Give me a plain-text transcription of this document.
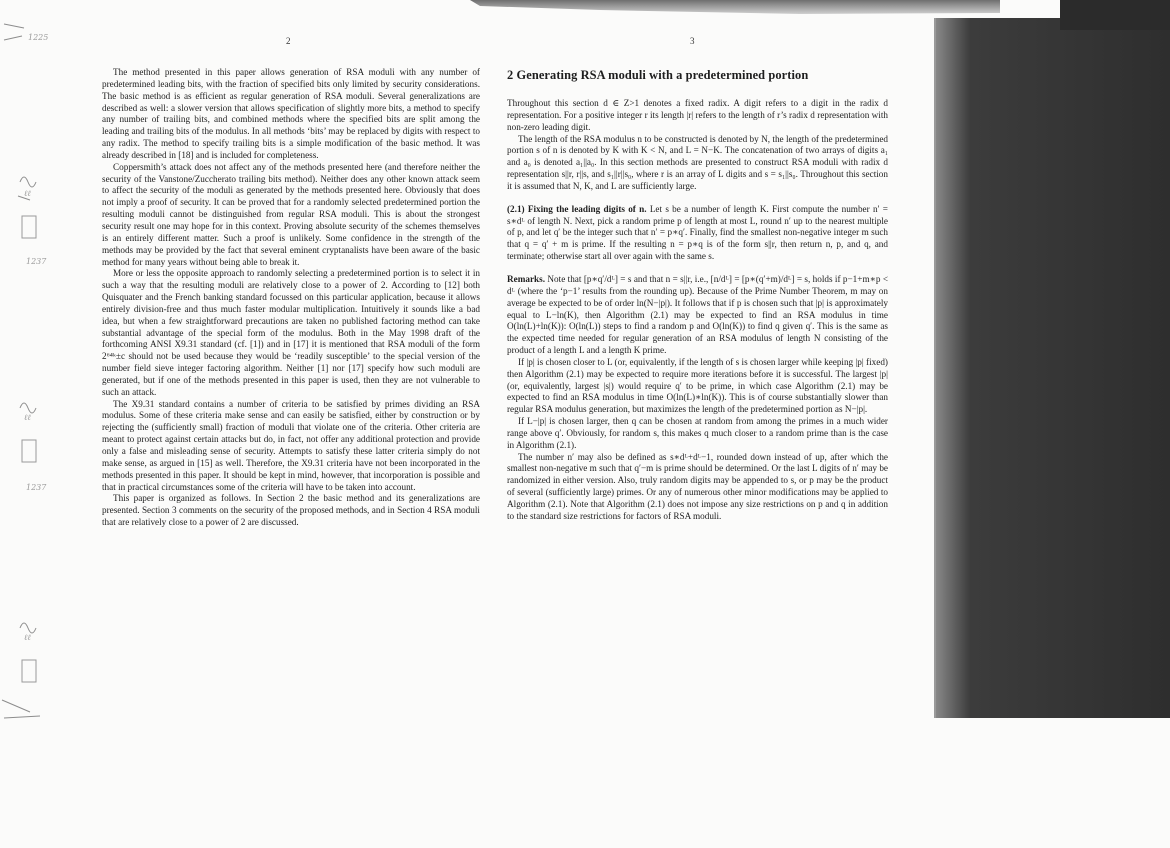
1225
ℓℓ
1237
ℓℓ
1237
ℓℓ
2	3

The method presented in this paper allows generation of RSA moduli with any number of predetermined leading bits, with the fraction of specified bits only limited by security considerations. The basic method is as efficient as regular generation of RSA moduli. Several generalizations are described as well: a slower version that allows specification of slightly more bits, a method to specify any number of trailing bits, and combined methods where the specified bits are split among the leading and trailing bits of the modulus. In all methods ‘bits’ may be replaced by digits with respect to any radix. The method to specify trailing bits is a simple modification of the basic method. It was already described in [18] and is included for completeness.

Coppersmith’s attack does not affect any of the methods presented here (and therefore neither the security of the Vanstone/Zuccherato trailing bits method). Neither does any other known attack seem to affect the security of the moduli as generated by the methods presented here. Obviously that does not imply a proof of security. It can be proved that for a randomly selected predetermined portion the resulting moduli cannot be distinguished from regular RSA moduli. This is about the strongest security result one may hope for in this context. Proving absolute security of the schemes themselves is an entirely different matter. Such a proof is unlikely. Some confidence in the strength of the methods may be provided by the fact that several eminent cryptanalists have been aware of the basic method for many years without being able to break it.

More or less the opposite approach to randomly selecting a predetermined portion is to select it in such a way that the resulting moduli are relatively close to a power of 2. According to [12] both Quisquater and the French banking standard focussed on this particular application, because it allows entirely division-free and thus much faster modular multiplication. Intuitively it sounds like a bad idea, but when a few straightforward precautions are taken no published factoring method can take substantial advantage of the special form of the modulus. Both in the May 1998 draft of the forthcoming ANSI X9.31 standard (cf. [1]) and in [17] it is mentioned that RSA moduli of the form 2⁶⁴ᵏ±c should not be used because they would be ‘readily susceptible’ to the special version of the number field sieve integer factoring algorithm. Neither [1] nor [17] specify how such moduli are generated, but if one of the methods presented in this paper is used, then they are not vulnerable to such an attack.

The X9.31 standard contains a number of criteria to be satisfied by primes dividing an RSA modulus. Some of these criteria make sense and can easily be satisfied, either by construction or by rejecting the (sufficiently small) fraction of moduli that violate one of the criteria. Other criteria are meant to protect against certain attacks but do, in fact, not offer any additional protection and provide only a false and misleading sense of security. Attempts to satisfy these latter criteria simply do not make sense, as argued in [15] as well. Therefore, the X9.31 criteria have not been incorporated in the methods presented in this paper. It should be kept in mind, however, that incorporation is possible and that in practical circumstances some of the criteria will have to be taken into account.

This paper is organized as follows. In Section 2 the basic method and its generalizations are presented. Section 3 comments on the security of the proposed methods, and in Section 4 RSA moduli that are relatively close to a power of 2 are discussed.

2 Generating RSA moduli with a predetermined portion

Throughout this section d ∈ Z>1 denotes a fixed radix. A digit refers to a digit in the radix d representation. For a positive integer r its length |r| refers to the length of r’s radix d representation with non-zero leading digit.

The length of the RSA modulus n to be constructed is denoted by N, the length of the predetermined portion s of n is denoted by K with K < N, and L = N−K. The concatenation of two arrays of digits a₁ and a₀ is denoted a₁||a₀. In this section methods are presented to construct RSA moduli with radix d representation s||r, r||s, and s₁||r||s₀, where r is an array of L digits and s = s₁||s₀. Throughout this section it is assumed that N, K, and L are sufficiently large.

(2.1) Fixing the leading digits of n. Let s be a number of length K. First compute the number n′ = s∗dᴸ of length N. Next, pick a random prime p of length at most L, round n′ up to the nearest multiple of p, and let q′ be the integer such that n′ = p∗q′. Finally, find the smallest non-negative integer m such that q = q′ + m is prime. If the resulting n = p∗q is of the form s||r, then return n, p, and q, and terminate; otherwise start all over again with the same s.

Remarks. Note that [p∗q′/dᴸ] = s and that n = s||r, i.e., [n/dᴸ] = [p∗(q′+m)/dᴸ] = s, holds if p−1+m∗p < dᴸ (where the ‘p−1’ results from the rounding up). Because of the Prime Number Theorem, m may on average be expected to be of order ln(N−|p|). It follows that if p is chosen such that |p| is approximately equal to L−ln(K), then Algorithm (2.1) may be expected to find an RSA modulus in time O(ln(L)+ln(K)): O(ln(L)) steps to find a random p and O(ln(K)) to find q given q′. This is the same as the expected time needed for regular generation of an RSA modulus of length N consisting of the product of a length L and a length K prime.

If |p| is chosen closer to L (or, equivalently, if the length of s is chosen larger while keeping |p| fixed) then Algorithm (2.1) may be expected to require more iterations before it is successful. The largest |p| (or, equivalently, largest |s|) would require q′ to be prime, in which case Algorithm (2.1) may be expected to find an RSA modulus in time O(ln(L)∗ln(K)). This is of course substantially slower than regular RSA modulus generation, but maximizes the length of the predetermined portion as N−|p|.

If L−|p| is chosen larger, then q can be chosen at random from among the primes in a much wider range above q′. Obviously, for random s, this makes q much closer to a random prime than is the case in Algorithm (2.1).

The number n′ may also be defined as s∗dᴸ+dᴸ−1, rounded down instead of up, after which the smallest non-negative m such that q′−m is prime should be determined. Or the last L digits of n′ may be randomized in either version. Also, truly random digits may be appended to s, or p may be the product of several (sufficiently large) primes. Or any of numerous other minor modifications may be applied to Algorithm (2.1). Note that Algorithm (2.1) does not impose any size restrictions on p and q in addition to the standard size restrictions for factors of RSA moduli.
